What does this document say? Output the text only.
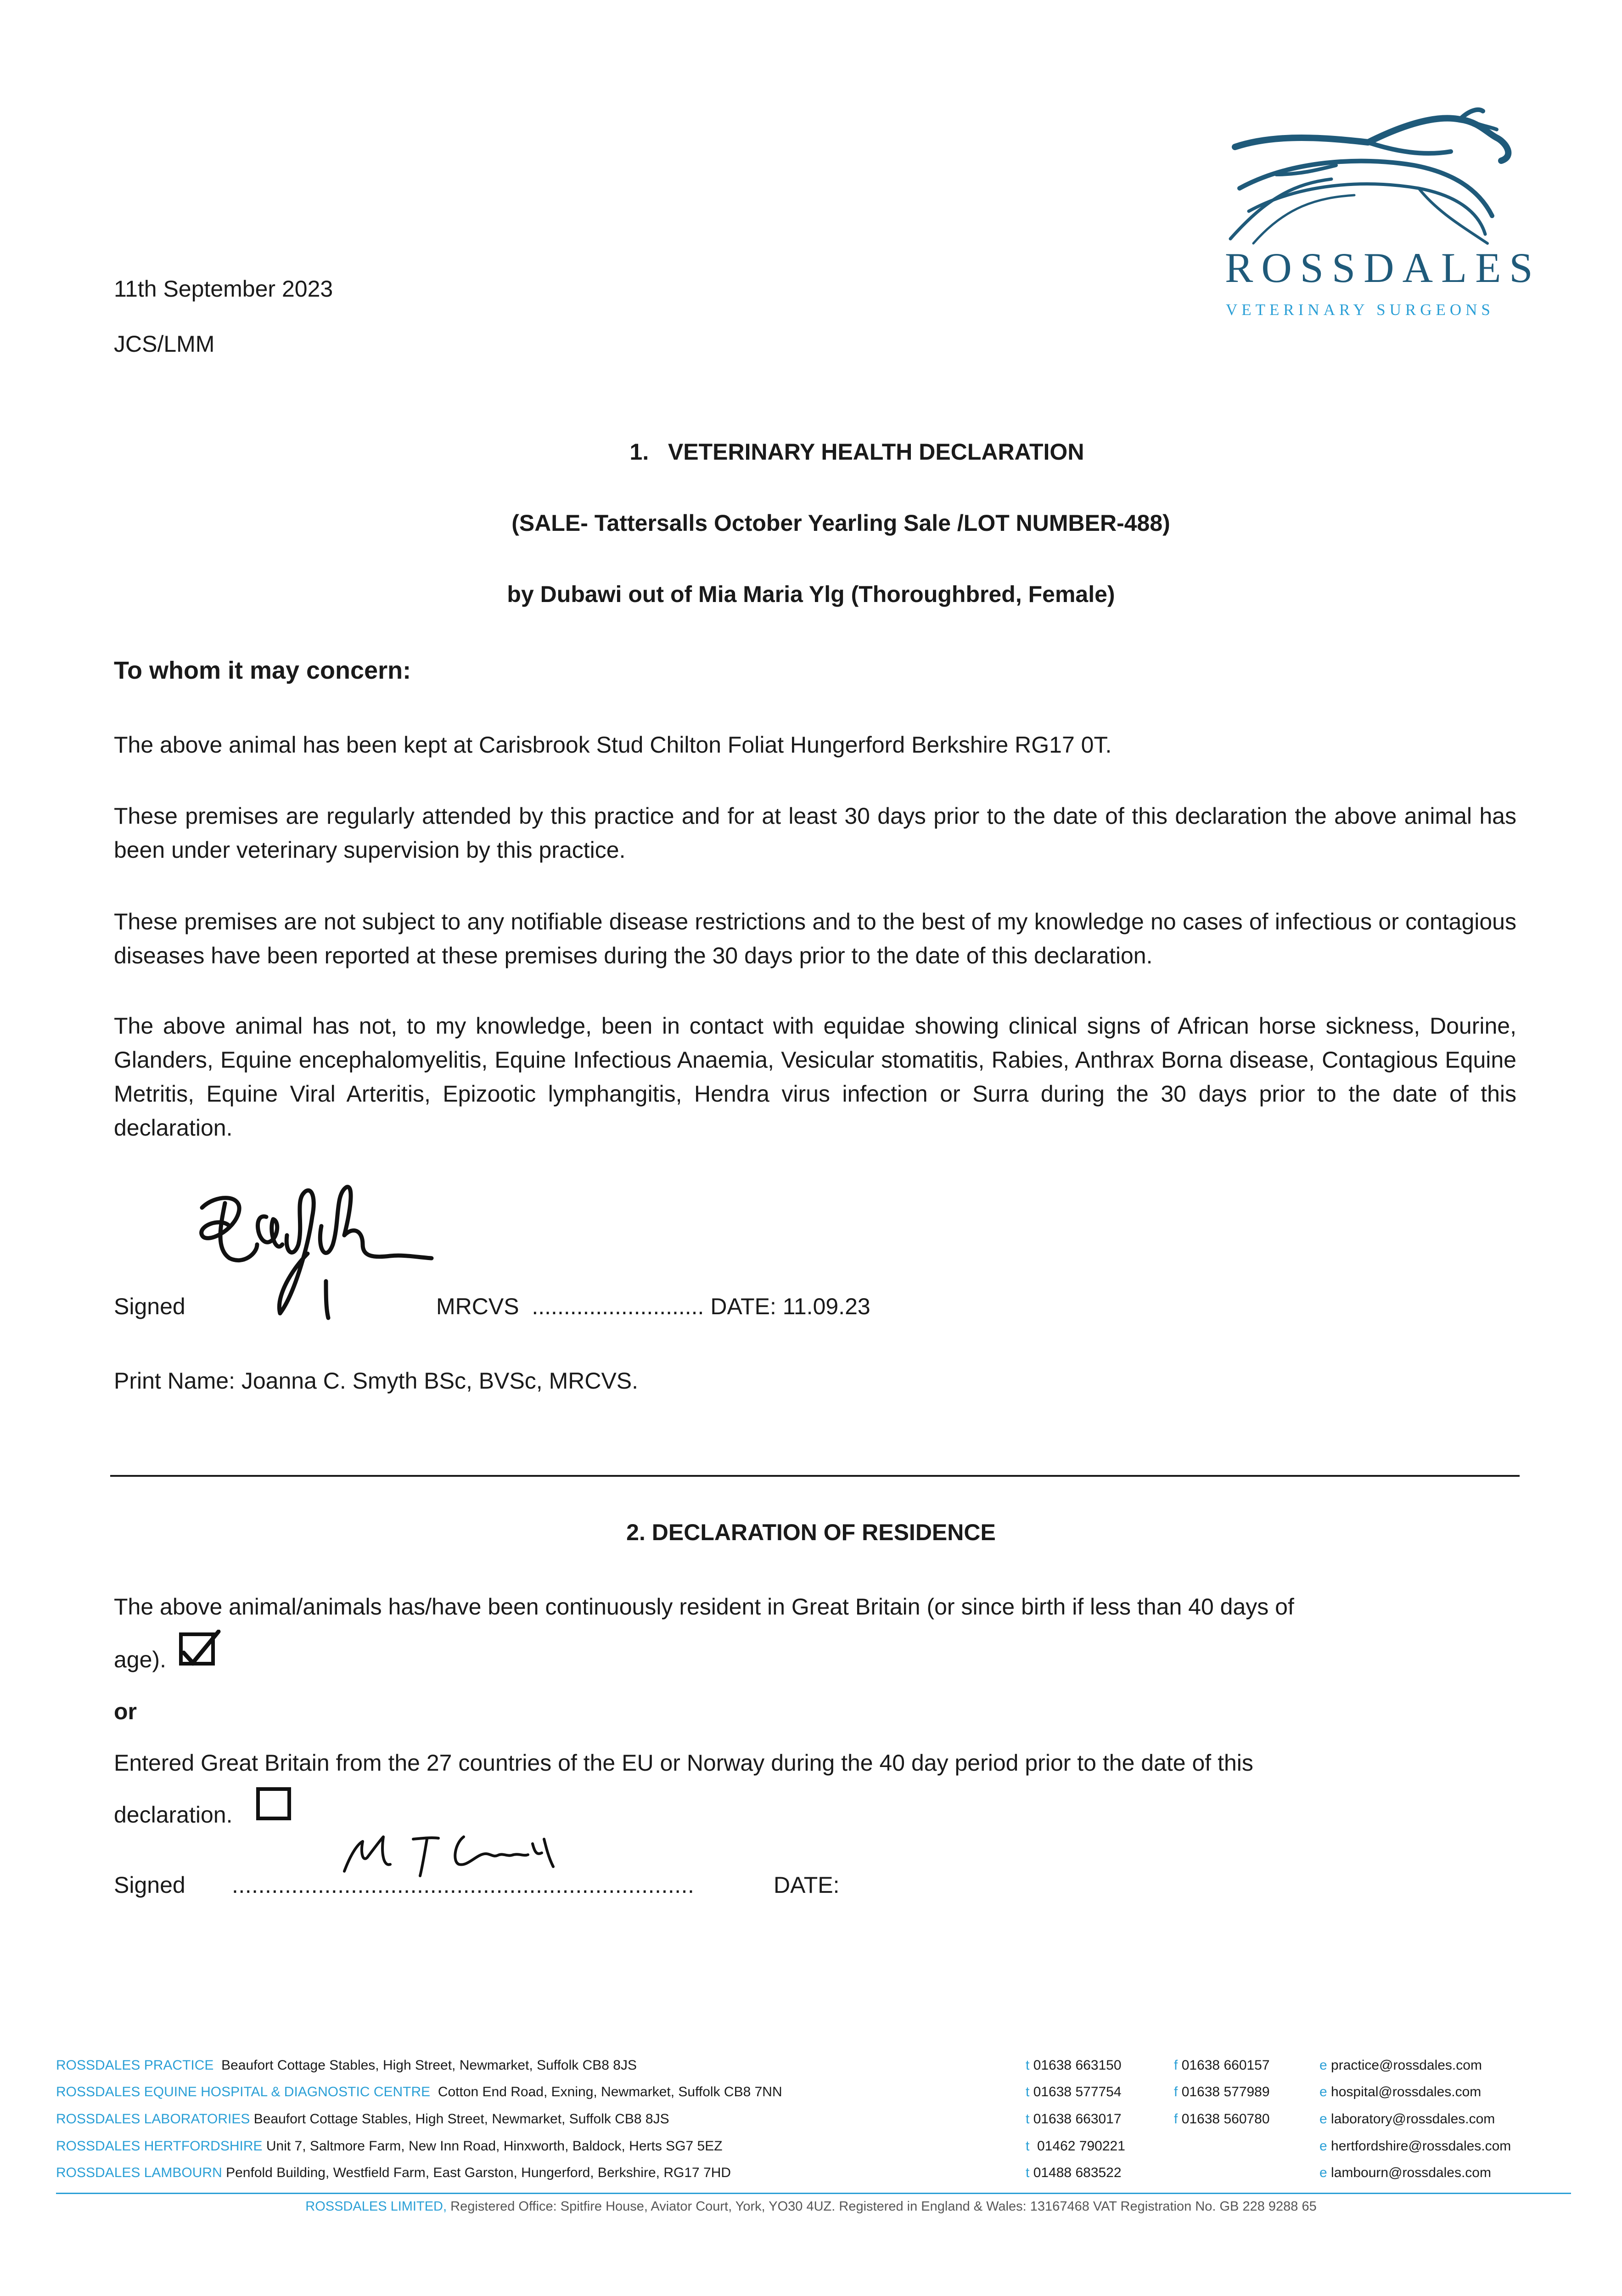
ROSSDALES
VETERINARY SURGEONS
11th September 2023
JCS/LMM
1. VETERINARY HEALTH DECLARATION
(SALE- Tattersalls October Yearling Sale /LOT NUMBER-488)
by Dubawi out of Mia Maria Ylg (Thoroughbred, Female)
To whom it may concern:
The above animal has been kept at Carisbrook Stud Chilton Foliat Hungerford Berkshire RG17 0T.
These premises are regularly attended by this practice and for at least 30 days prior to the date of this declaration the above animal has been under veterinary supervision by this practice.
These premises are not subject to any notifiable disease restrictions and to the best of my knowledge no cases of infectious or contagious diseases have been reported at these premises during the 30 days prior to the date of this declaration.
The above animal has not, to my knowledge, been in contact with equidae showing clinical signs of African horse sickness, Dourine, Glanders, Equine encephalomyelitis, Equine Infectious Anaemia, Vesicular stomatitis, Rabies, Anthrax Borna disease, Contagious Equine Metritis, Equine Viral Arteritis, Epizootic lymphangitis, Hendra virus infection or Surra during the 30 days prior to the date of this declaration.
Signed	MRCVS ........................... DATE: 11.09.23
Print Name: Joanna C. Smyth BSc, BVSc, MRCVS.
2. DECLARATION OF RESIDENCE
The above animal/animals has/have been continuously resident in Great Britain (or since birth if less than 40 days of
age).
or
Entered Great Britain from the 27 countries of the EU or Norway during the 40 day period prior to the date of this
declaration.
Signed ......................................................................	DATE:
ROSSDALES PRACTICE Beaufort Cottage Stables, High Street, Newmarket, Suffolk CB8 8JS
ROSSDALES EQUINE HOSPITAL & DIAGNOSTIC CENTRE Cotton End Road, Exning, Newmarket, Suffolk CB8 7NN
ROSSDALES LABORATORIES Beaufort Cottage Stables, High Street, Newmarket, Suffolk CB8 8JS
ROSSDALES HERTFORDSHIRE Unit 7, Saltmore Farm, New Inn Road, Hinxworth, Baldock, Herts SG7 5EZ
ROSSDALES LAMBOURN Penfold Building, Westfield Farm, East Garston, Hungerford, Berkshire, RG17 7HD
t 01638 663150
t 01638 577754
t 01638 663017
t 01462 790221
t 01488 683522
f 01638 660157
f 01638 577989
f 01638 560780
e practice@rossdales.com
e hospital@rossdales.com
e laboratory@rossdales.com
e hertfordshire@rossdales.com
e lambourn@rossdales.com
ROSSDALES LIMITED, Registered Office: Spitfire House, Aviator Court, York, YO30 4UZ. Registered in England & Wales: 13167468 VAT Registration No. GB 228 9288 65
